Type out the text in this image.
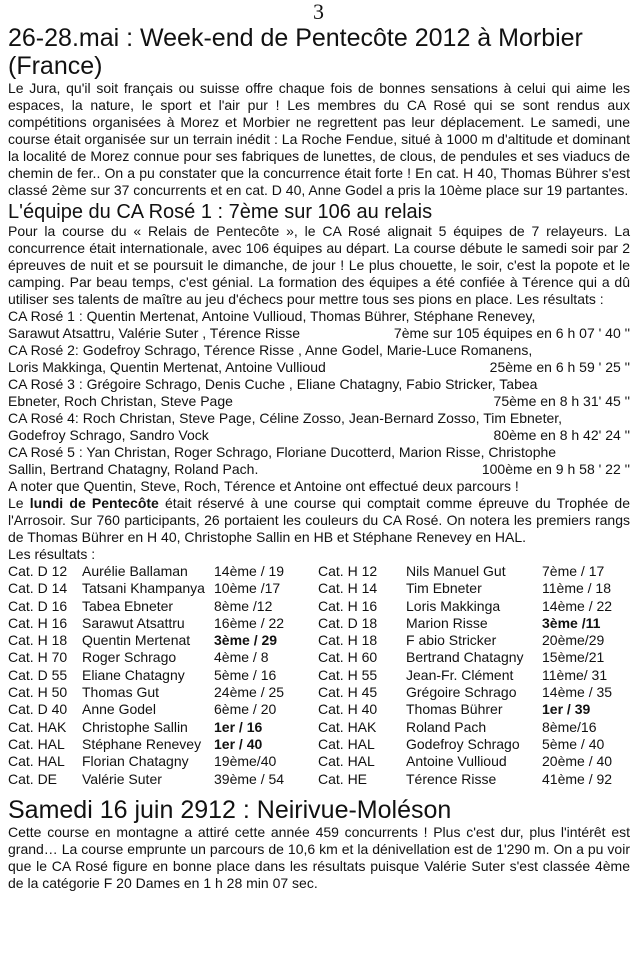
3
26-28.mai : Week-end de Pentecôte 2012 à Morbier (France)

Le Jura, qu'il soit français ou suisse offre chaque fois de bonnes sensations à celui qui aime les espaces, la nature, le sport et l'air pur ! Les membres du CA Rosé qui se sont rendus aux compétitions organisées à Morez et Morbier ne regrettent pas leur déplacement. Le samedi, une course était organisée sur un terrain inédit : La Roche Fendue, situé à 1000 m d'altitude et dominant la localité de Morez connue pour ses fabriques de lunettes, de clous, de pendules et ses viaducs de chemin de fer.. On a pu constater que la concurrence était forte ! En cat. H 40, Thomas Bührer s'est classé 2ème sur 37 concurrents et en cat. D 40, Anne Godel a pris la 10ème place sur 19 partantes.

L'équipe du CA Rosé 1 : 7ème sur 106 au relais

Pour la course du « Relais de Pentecôte », le CA Rosé alignait 5 équipes de 7 relayeurs. La concurrence était internationale, avec 106 équipes au départ. La course débute le samedi soir par 2 épreuves de nuit et se poursuit le dimanche, de jour ! Le plus chouette, le soir, c'est la popote et le camping. Par beau temps, c'est génial. La formation des équipes a été confiée à Térence qui a dû utiliser ses talents de maître au jeu d'échecs pour mettre tous ses pions en place. Les résultats :

CA Rosé 1 : Quentin Mertenat, Antoine Vullioud, Thomas Bührer, Stéphane Renevey,

Sarawut Atsattru, Valérie Suter , Térence Risse	7ème sur 105 équipes en 6 h 07 ' 40 ''

CA Rosé 2: Godefroy Schrago, Térence Risse , Anne Godel, Marie-Luce Romanens,

Loris Makkinga, Quentin Mertenat, Antoine Vullioud	25ème en 6 h 59 ' 25 ''

CA Rosé 3 : Grégoire Schrago, Denis Cuche , Eliane Chatagny, Fabio Stricker, Tabea

Ebneter, Roch Christan, Steve Page	75ème en 8 h 31' 45 ''

CA Rosé 4: Roch Christan, Steve Page, Céline Zosso, Jean-Bernard Zosso, Tim Ebneter,

Godefroy Schrago, Sandro Vock	80ème en 8 h 42' 24 ''

CA Rosé 5 : Yan Christan, Roger Schrago, Floriane Ducotterd, Marion Risse, Christophe

Sallin, Bertrand Chatagny, Roland Pach.	100ème en 9 h 58 ' 22 ''

A noter que Quentin, Steve, Roch, Térence et Antoine ont effectué deux parcours !

Le lundi de Pentecôte était réservé à une course qui comptait comme épreuve du Trophée de l'Arrosoir. Sur 760 participants, 26 portaient les couleurs du CA Rosé. On notera les premiers rangs de Thomas Bührer en H 40, Christophe Sallin en HB et Stéphane Renevey en HAL.

Les résultats :
Cat. D 12	Aurélie Ballaman	14ème / 19	Cat. H 12	Nils Manuel Gut	7ème / 17
Cat. D 14	Tatsani Khampanya	10ème /17	Cat. H 14	Tim Ebneter	11ème / 18
Cat. D 16	Tabea Ebneter	8ème /12	Cat. H 16	Loris Makkinga	14ème / 22
Cat. H 16	Sarawut Atsattru	16ème / 22	Cat. D 18	Marion Risse	3ème /11
Cat. H 18	Quentin Mertenat	3ème / 29	Cat. H 18	F abio Stricker	20ème/29
Cat. H 70	Roger Schrago	4ème / 8	Cat. H 60	Bertrand Chatagny	15ème/21
Cat. D 55	Eliane Chatagny	5ème / 16	Cat. H 55	Jean-Fr. Clément	11ème/ 31
Cat. H 50	Thomas Gut	24ème / 25	Cat. H 45	Grégoire Schrago	14ème / 35
Cat. D 40	Anne Godel	6ème / 20	Cat. H 40	Thomas Bührer	1er / 39
Cat. HAK	Christophe Sallin	1er / 16	Cat. HAK	Roland Pach	8ème/16
Cat. HAL	Stéphane Renevey	1er / 40	Cat. HAL	Godefroy Schrago	5ème / 40
Cat. HAL	Florian Chatagny	19ème/40	Cat. HAL	Antoine Vullioud	20ème / 40
Cat. DE	Valérie Suter	39ème / 54	Cat. HE	Térence Risse	41ème / 92
Samedi 16 juin 2912 : Neirivue-Moléson

Cette course en montagne a attiré cette année 459 concurrents ! Plus c'est dur, plus l'intérêt est grand… La course emprunte un parcours de 10,6 km et la dénivellation est de 1'290 m. On a pu voir que le CA Rosé figure en bonne place dans les résultats puisque Valérie Suter s'est classée 4ème de la catégorie F 20 Dames en 1 h 28 min 07 sec.
